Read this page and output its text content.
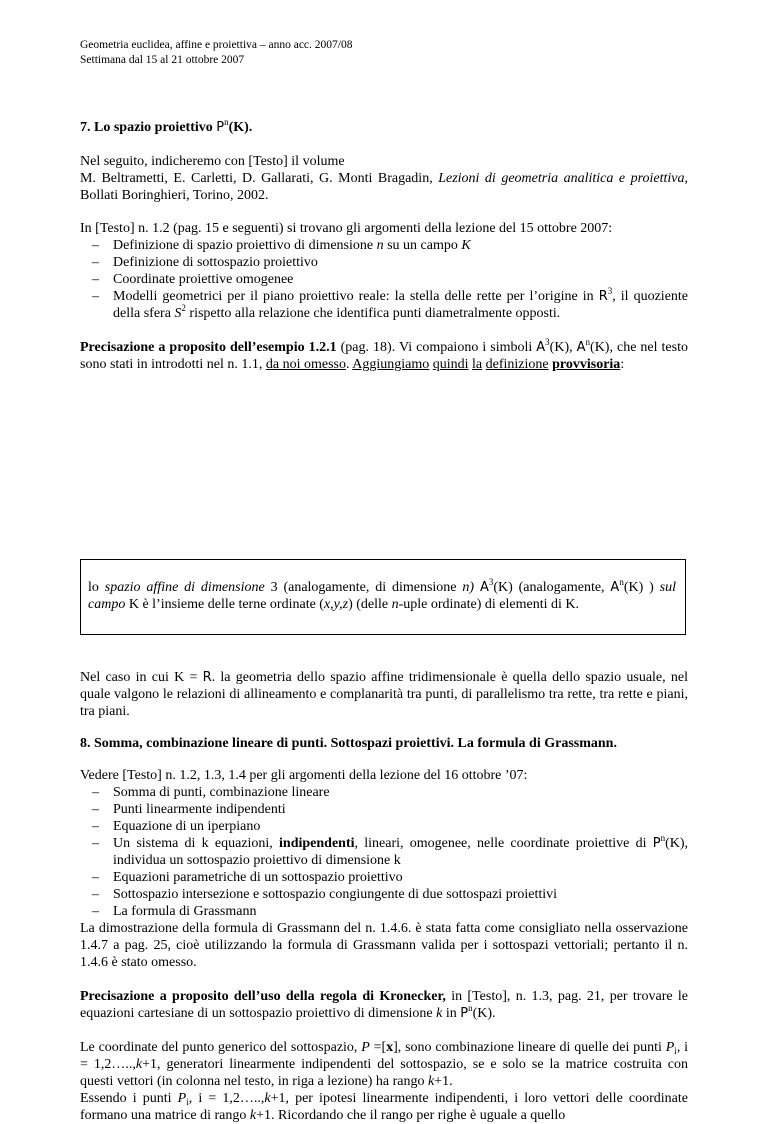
Geometria euclidea, affine e proiettiva – anno acc. 2007/08
Settimana dal 15 al 21 ottobre 2007
7. Lo spazio proiettivo $P^n(K)$.
Nel seguito, indicheremo con [Testo] il volume
M. Beltrametti, E. Carletti, D. Gallarati, G. Monti Bragadin, Lezioni di geometria analitica e proiettiva, Bollati Boringhieri, Torino, 2002.
In [Testo] n. 1.2 (pag. 15 e seguenti) si trovano gli argomenti della lezione del 15 ottobre 2007:
– Definizione di spazio proiettivo di dimensione n su un campo K
– Definizione di sottospazio proiettivo
– Coordinate proiettive omogenee
– Modelli geometrici per il piano proiettivo reale: la stella delle rette per l’origine in $R^3$, il quoziente della sfera $S^2$ rispetto alla relazione che identifica punti diametralmente opposti.
Precisazione a proposito dell’esempio 1.2.1 (pag. 18). Vi compaiono i simboli $A^3(K)$, $A^n(K)$, che nel testo sono stati in introdotti nel n. 1.1, da noi omesso. Aggiungiamo quindi la definizione provvisoria:
lo spazio affine di dimensione 3 (analogamente, di dimensione n) $A^3(K)$ (analogamente, $A^n(K)$ ) sul campo K è l’insieme delle terne ordinate (x,y,z) (delle n-uple ordinate) di elementi di K.
Nel caso in cui K = R. la geometria dello spazio affine tridimensionale è quella dello spazio usuale, nel quale valgono le relazioni di allineamento e complanarità tra punti, di parallelismo tra rette, tra rette e piani, tra piani.
8. Somma, combinazione lineare di punti. Sottospazi proiettivi. La formula di Grassmann.
Vedere [Testo] n. 1.2, 1.3, 1.4 per gli argomenti della lezione del 16 ottobre ’07:
– Somma di punti, combinazione lineare
– Punti linearmente indipendenti
– Equazione di un iperpiano
– Un sistema di k equazioni, indipendenti, lineari, omogenee, nelle coordinate proiettive di $P^n(K)$, individua un sottospazio proiettivo di dimensione k
– Equazioni parametriche di un sottospazio proiettivo
– Sottospazio intersezione e sottospazio congiungente di due sottospazi proiettivi
– La formula di Grassmann
La dimostrazione della formula di Grassmann del n. 1.4.6. è stata fatta come consigliato nella osservazione 1.4.7 a pag. 25, cioè utilizzando la formula di Grassmann valida per i sottospazi vettoriali; pertanto il n. 1.4.6 è stato omesso.
Precisazione a proposito dell’uso della regola di Kronecker, in [Testo], n. 1.3, pag. 21, per trovare le equazioni cartesiane di un sottospazio proiettivo di dimensione k in $P^n(K)$.
Le coordinate del punto generico del sottospazio, P =[x], sono combinazione lineare di quelle dei punti $P_i$, i = 1,2…..,k+1, generatori linearmente indipendenti del sottospazio, se e solo se la matrice costruita con questi vettori (in colonna nel testo, in riga a lezione) ha rango k+1.
Essendo i punti $P_i$, i = 1,2…..,k+1, per ipotesi linearmente indipendenti, i loro vettori delle coordinate formano una matrice di rango k+1. Ricordando che il rango per righe è uguale a quello
